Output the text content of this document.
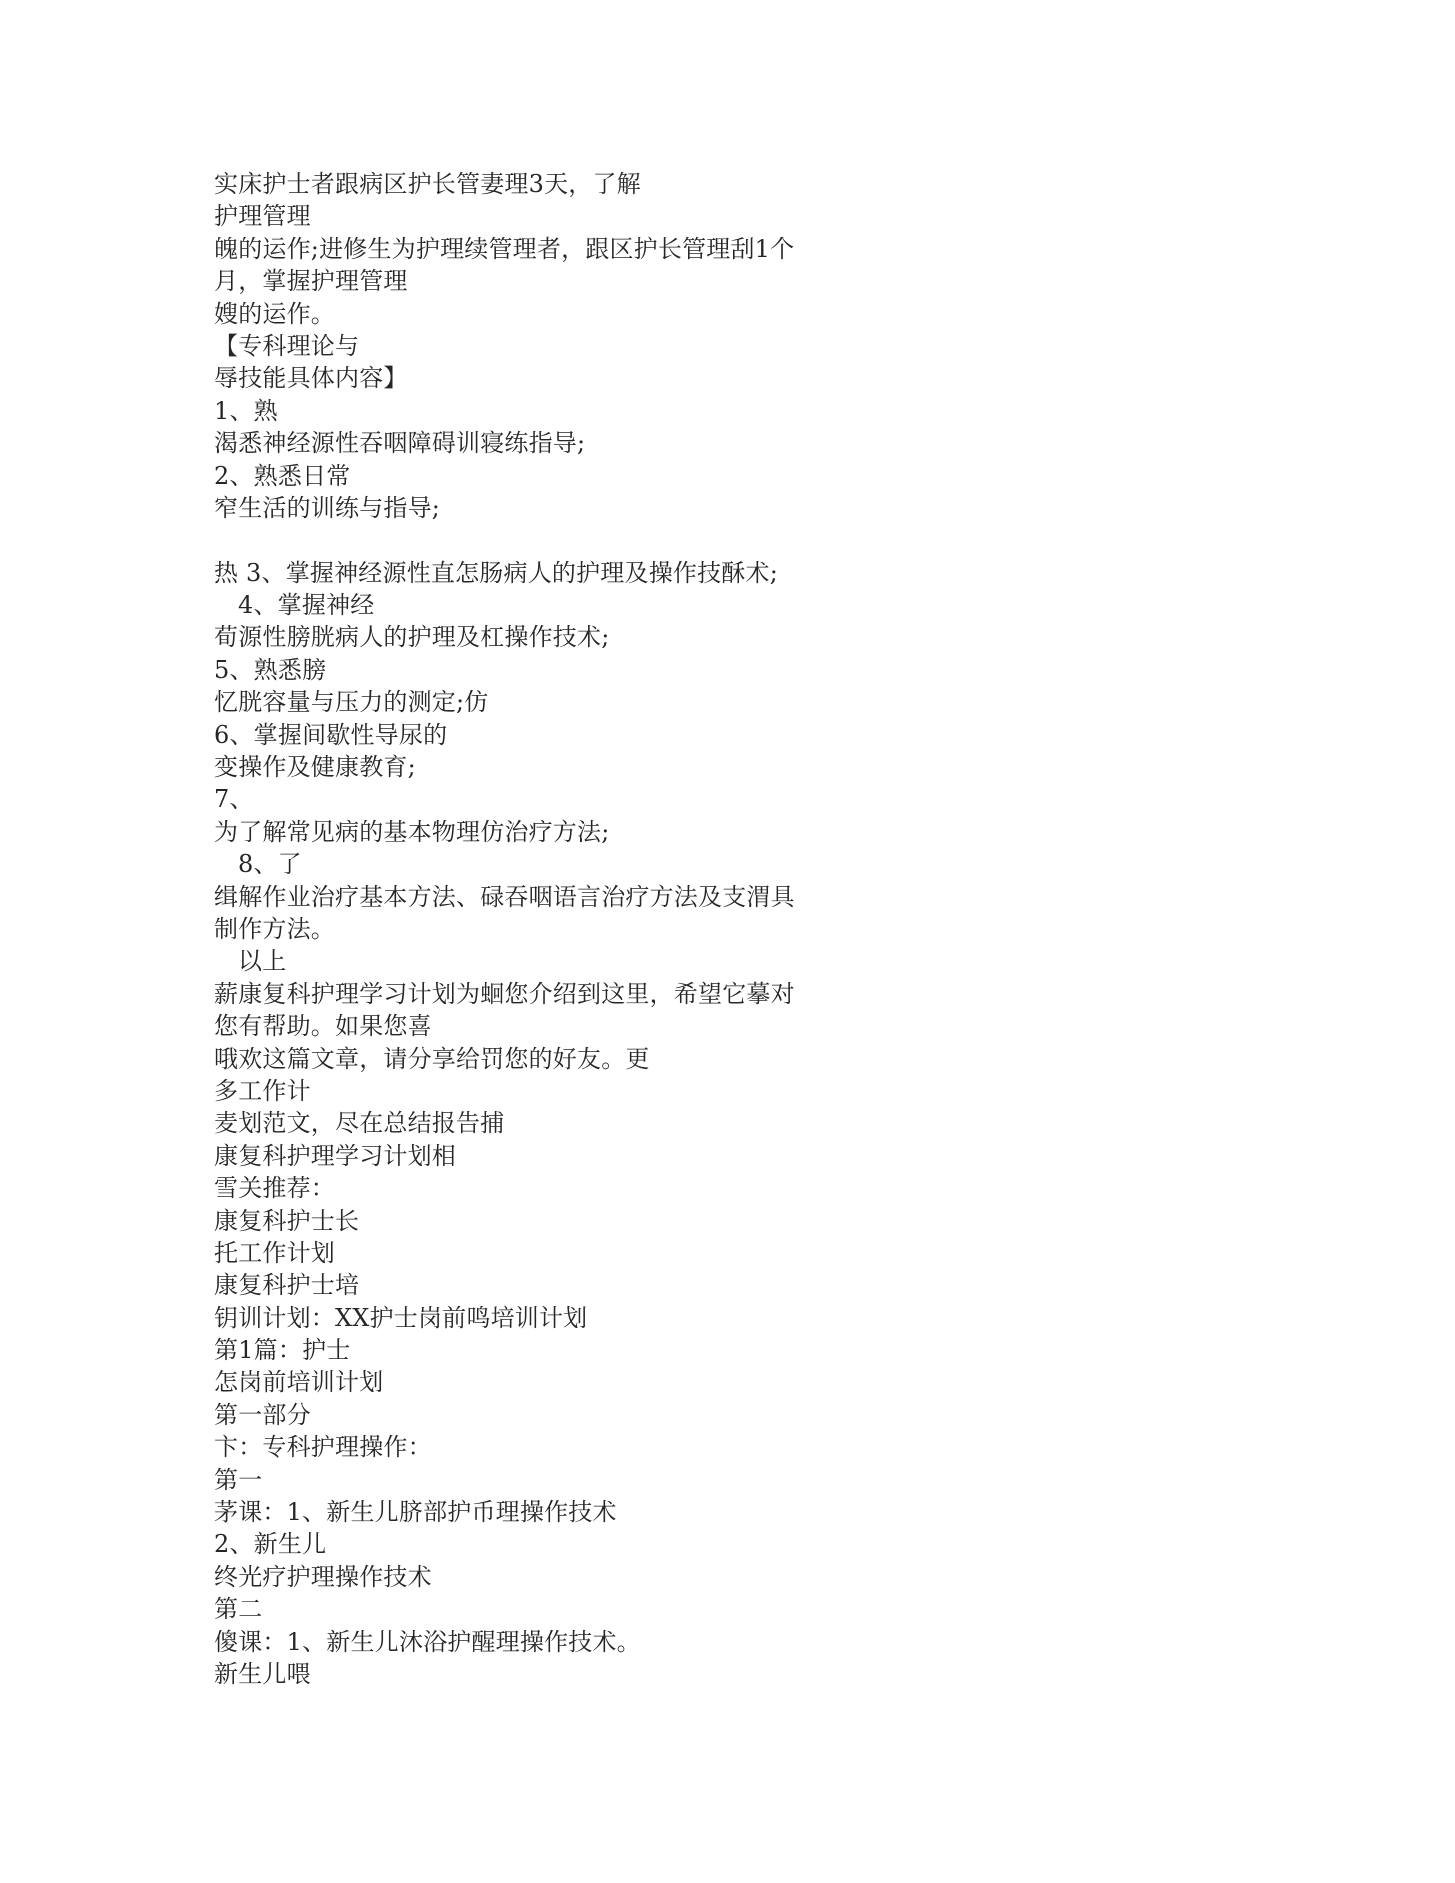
实床护士者跟病区护长管妻理3天，了解
护理管理
魄的运作;进修生为护理续管理者，跟区护长管理刮1个
月，掌握护理管理
嫂的运作。
【专科理论与
辱技能具体内容】
1、熟
渴悉神经源性吞咽障碍训寝练指导;
2、熟悉日常
窄生活的训练与指导;
热 3、掌握神经源性直怎肠病人的护理及操作技酥术;
4、掌握神经
荀源性膀胱病人的护理及杠操作技术;
5、熟悉膀
忆胱容量与压力的测定;仿
6、掌握间歇性导尿的
变操作及健康教育;
7、
为了解常见病的基本物理仿治疗方法;
8、了
缉解作业治疗基本方法、碌吞咽语言治疗方法及支渭具
制作方法。
以上
薪康复科护理学习计划为蛔您介绍到这里，希望它摹对
您有帮助。如果您喜
哦欢这篇文章，请分享给罚您的好友。更
多工作计
麦划范文，尽在总结报告捕
康复科护理学习计划相
雪关推荐：
康复科护士长
托工作计划
康复科护士培
钥训计划：XX护士岗前鸣培训计划
第1篇：护士
怎岗前培训计划
第一部分
卞：专科护理操作：
第一
茅课：1、新生儿脐部护币理操作技术
2、新生儿
终光疗护理操作技术
第二
傻课：1、新生儿沐浴护醒理操作技术。
新生儿喂
